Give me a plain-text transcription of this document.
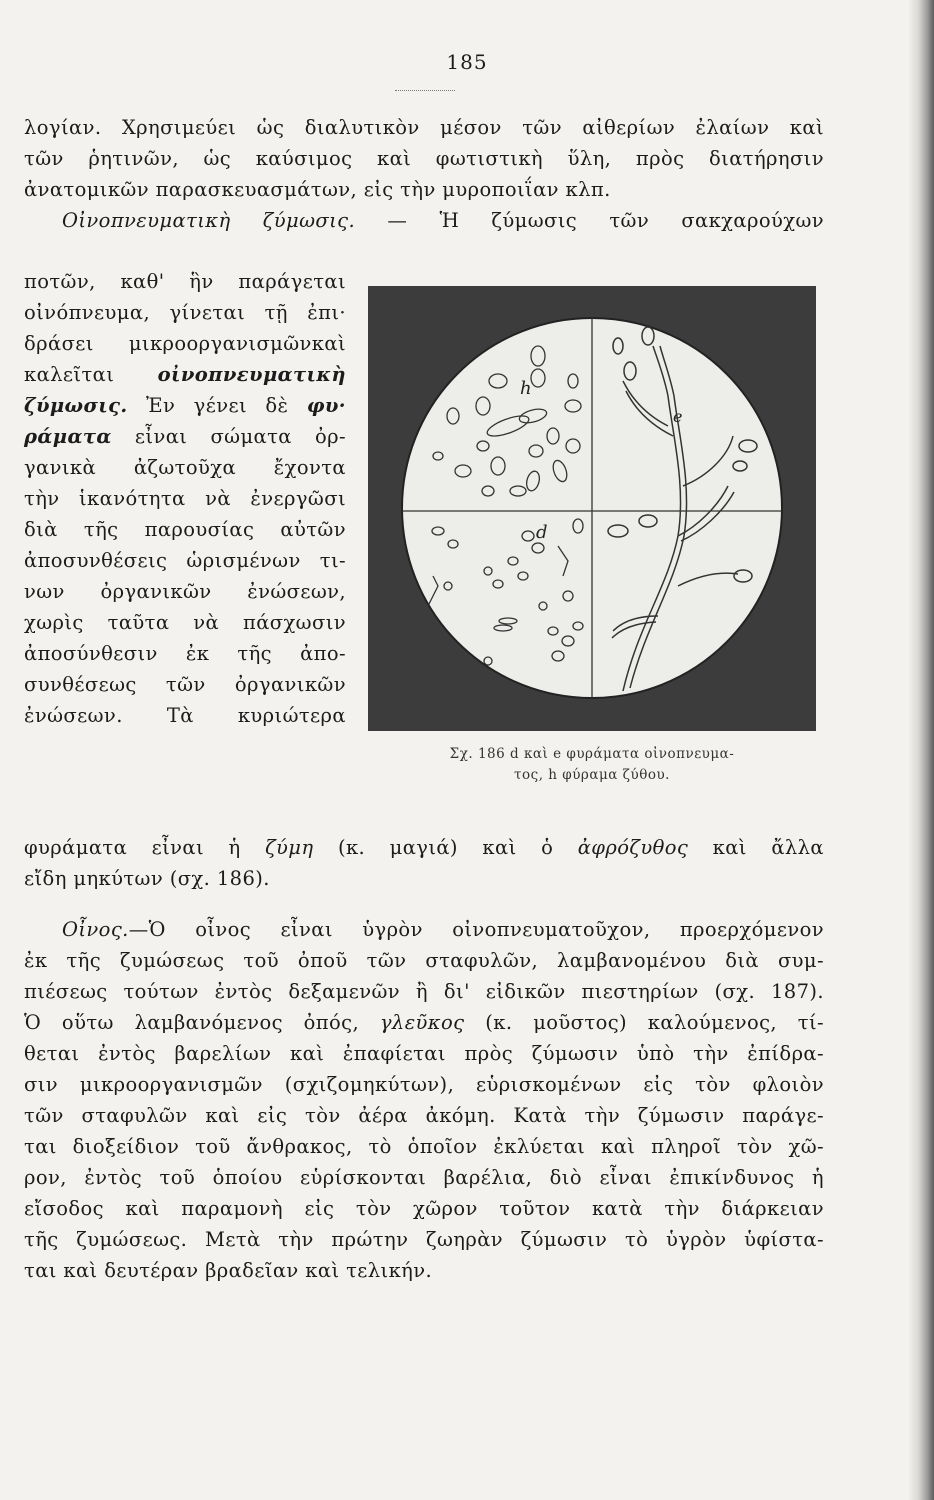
185
λογίαν. Χρησιμεύει ὡς διαλυτικὸν μέσον τῶν αἰθερίων ἐλαίων καὶ
τῶν ῥητινῶν, ὡς καύσιμος καὶ φωτιστικὴ ὕλη, πρὸς διατήρησιν
ἀνατομικῶν παρασκευασμάτων, εἰς τὴν μυροποιΐαν κλπ.
Οἰνοπνευματικὴ ζύμωσις. — Ἡ ζύμωσις τῶν σακχαρούχων
ποτῶν, καθ' ἣν παράγεται
οἰνόπνευμα, γίνεται τῇ ἐπι·
δράσει μικροοργανισμῶνκαὶ
καλεῖται οἰνοπνευματικὴ
ζύμωσις. Ἐν γένει δὲ φυ·
ράματα εἶναι σώματα ὀρ-
γανικὰ ἀζωτοῦχα ἔχοντα
τὴν ἱκανότητα νὰ ἐνεργῶσι
διὰ τῆς παρουσίας αὐτῶν
ἀποσυνθέσεις ὡρισμένων τι-
νων ὀργανικῶν ἐνώσεων,
χωρὶς ταῦτα νὰ πάσχωσιν
ἀποσύνθεσιν ἐκ τῆς ἀπο-
συνθέσεως τῶν ὀργανικῶν
ἐνώσεων. Τὰ κυριώτερα
h
e
d
Σχ. 186 d καὶ e φυράματα οἰνοπνευμα-
τος, h φύραμα ζύθου.
φυράματα εἶναι ἡ ζύμη (κ. μαγιά) καὶ ὁ ἀφρόζυθος καὶ ἄλλα
εἴδη μηκύτων (σχ. 186).
Οἶνος.—Ὁ οἶνος εἶναι ὑγρὸν οἰνοπνευματοῦχον, προερχόμενον
ἐκ τῆς ζυμώσεως τοῦ ὀποῦ τῶν σταφυλῶν, λαμβανομένου διὰ συμ-
πιέσεως τούτων ἐντὸς δεξαμενῶν ἢ δι' εἰδικῶν πιεστηρίων (σχ. 187).
Ὁ οὕτω λαμβανόμενος ὀπός, γλεῦκος (κ. μοῦστος) καλούμενος, τί-
θεται ἐντὸς βαρελίων καὶ ἐπαφίεται πρὸς ζύμωσιν ὑπὸ τὴν ἐπίδρα-
σιν μικροοργανισμῶν (σχιζομηκύτων), εὑρισκομένων εἰς τὸν φλοιὸν
τῶν σταφυλῶν καὶ εἰς τὸν ἀέρα ἀκόμη. Κατὰ τὴν ζύμωσιν παράγε-
ται διοξείδιον τοῦ ἄνθρακος, τὸ ὁποῖον ἐκλύεται καὶ πληροῖ τὸν χῶ-
ρον, ἐντὸς τοῦ ὁποίου εὑρίσκονται βαρέλια, διὸ εἶναι ἐπικίνδυνος ἡ
εἴσοδος καὶ παραμονὴ εἰς τὸν χῶρον τοῦτον κατὰ τὴν διάρκειαν
τῆς ζυμώσεως. Μετὰ τὴν πρώτην ζωηρὰν ζύμωσιν τὸ ὑγρὸν ὑφίστα-
ται καὶ δευτέραν βραδεῖαν καὶ τελικήν.
